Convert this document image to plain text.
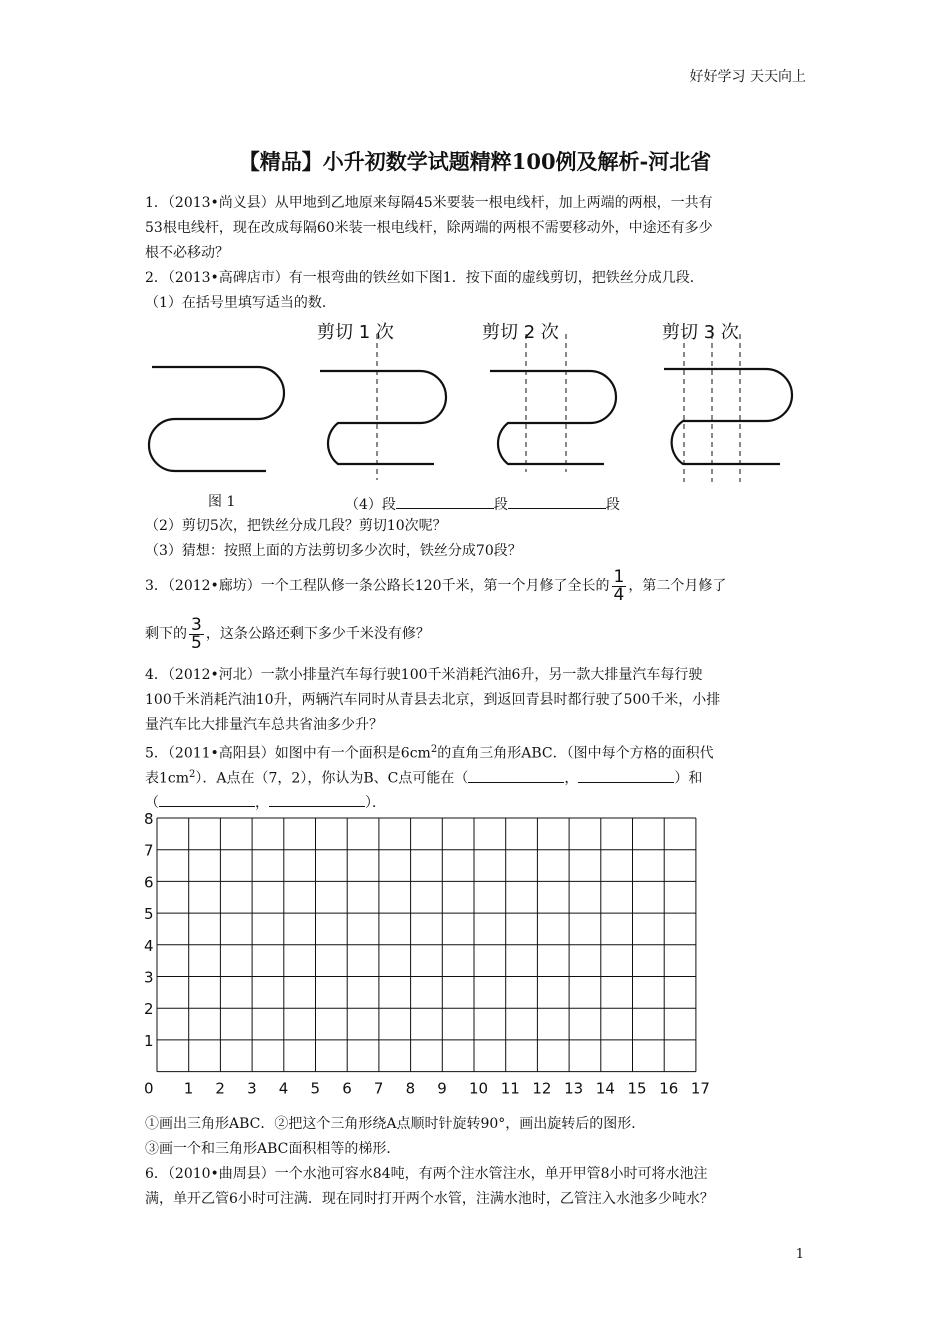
好好学习 天天向上
【精品】小升初数学试题精粹100例及解析-河北省
1．（2013•尚义县）从甲地到乙地原来每隔45米要装一根电线杆，加上两端的两根，一共有
53根电线杆，现在改成每隔60米装一根电线杆，除两端的两根不需要移动外，中途还有多少
根不必移动？
2．（2013•高碑店市）有一根弯曲的铁丝如下图1．按下面的虚线剪切，把铁丝分成几段．
（1）在括号里填写适当的数．
剪切 1 次	剪切 2 次	剪切 3 次
图 1	（4）段	段	段
（2）剪切5次，把铁丝分成几段？剪切10次呢？
（3）猜想：按照上面的方法剪切多少次时，铁丝分成70段？
3．（2012•廊坊）一个工程队修一条公路长120千米，第一个月修了全长的 $\frac{1}{4}$ ，第二个月修了
剩下的 $\frac{3}{5}$ ，这条公路还剩下多少千米没有修？
4．（2012•河北）一款小排量汽车每行驶100千米消耗汽油6升，另一款大排量汽车每行驶
100千米消耗汽油10升，两辆汽车同时从青县去北京，到返回青县时都行驶了500千米，小排
量汽车比大排量汽车总共省油多少升？
5．（2011•高阳县）如图中有一个面积是$6cm^2$的直角三角形ABC．（图中每个方格的面积代
表$1cm^2$）．A点在（7，2），你认为B、C点可能在（	，	）和
（	，	）．
0 1 2 3 4 5 6 7 8 9 10 11 12 13 14 15 16 17
1
2
3
4
5
6
7
8
①画出三角形ABC．②把这个三角形绕A点顺时针旋转90°，画出旋转后的图形．
③画一个和三角形ABC面积相等的梯形．
6．（2010•曲周县）一个水池可容水84吨，有两个注水管注水，单开甲管8小时可将水池注
满，单开乙管6小时可注满．现在同时打开两个水管，注满水池时，乙管注入水池多少吨水？
1
